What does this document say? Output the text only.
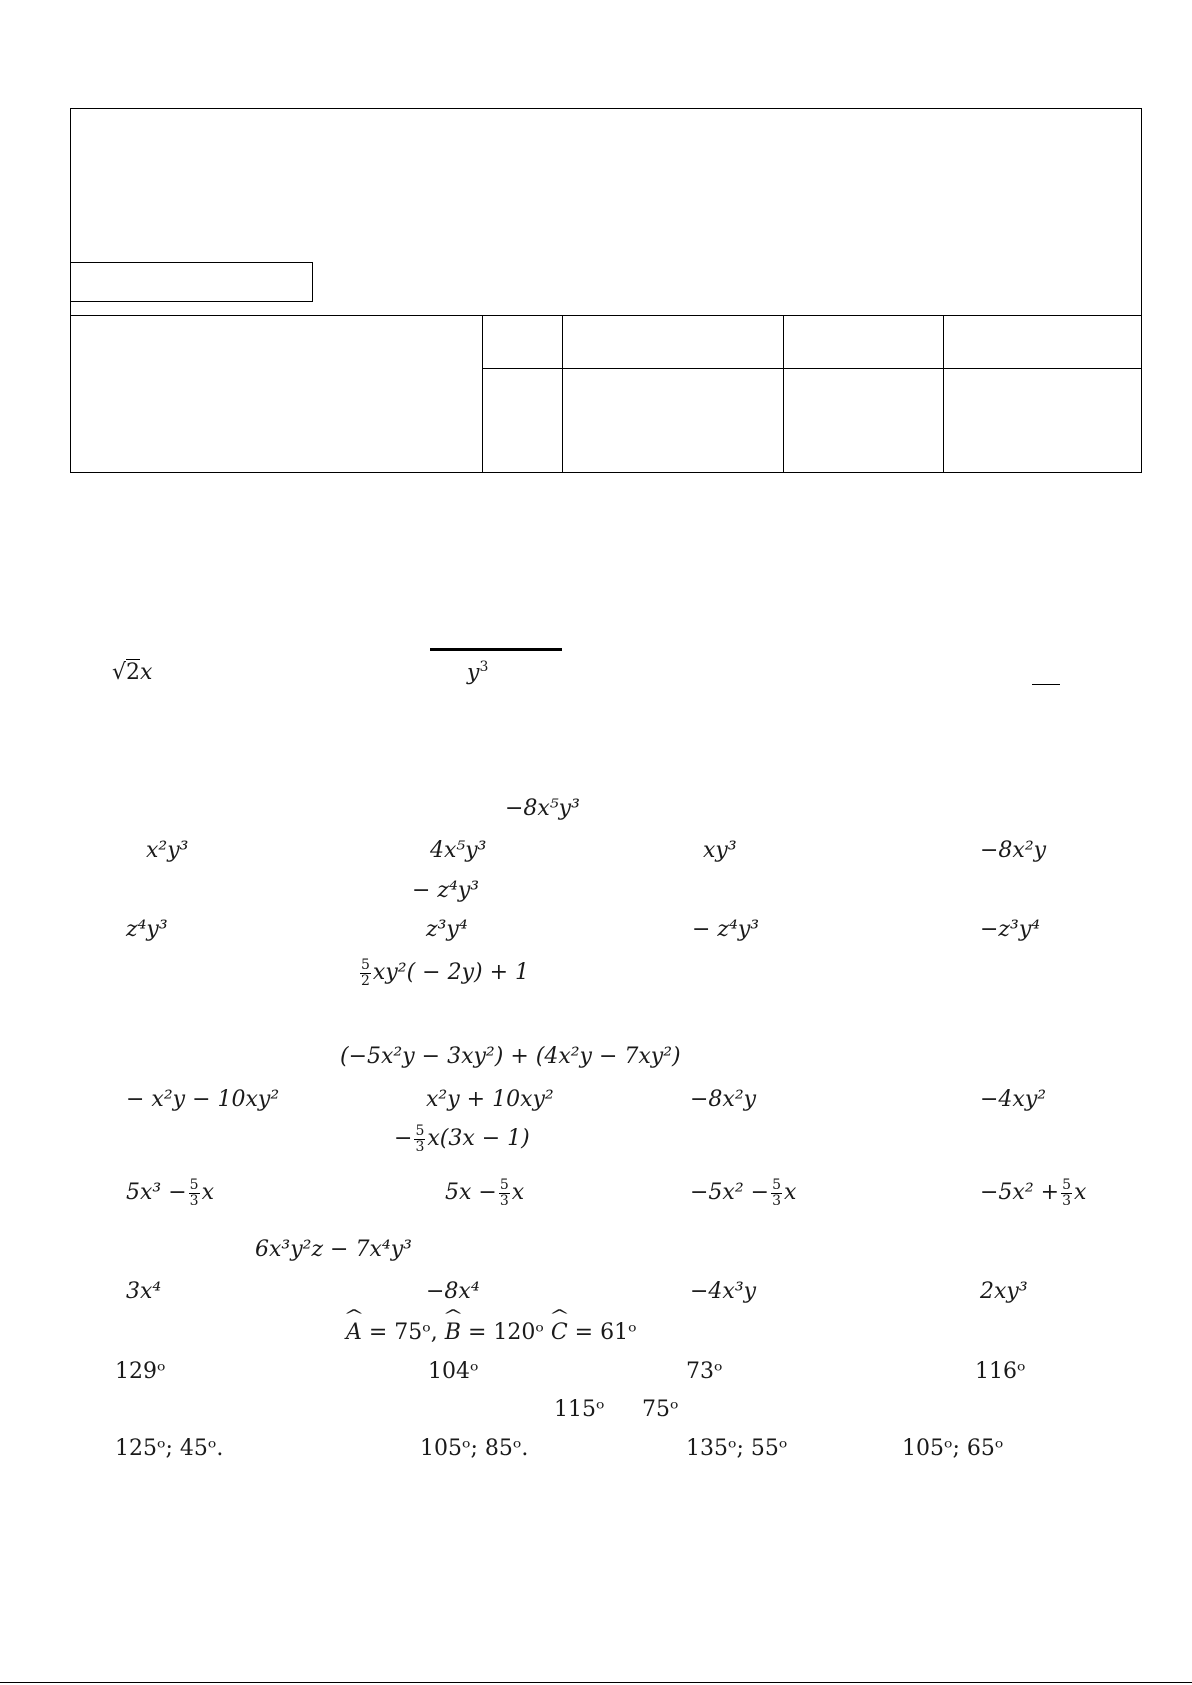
√2x	$y^3$
−8x⁵y³
x²y³	4x⁵y³	xy³	−8x²y
− z⁴y³
z⁴y³	z³y⁴	− z⁴y³	−z³y⁴
$\frac{5}{2} xy^2( - 2y) + 1$
(−5x²y − 3xy²) + (4x²y − 7xy²)
− x²y − 10xy²	x²y + 10xy²	−8x²y	−4xy²
− $\frac{5}{3} x(3x - 1)$
$5x^3 - \frac{5}{3}$ x	$5x - \frac{5}{3}$ x	$-5x^2 - \frac{5}{3}$ x	$-5x^2 + \frac{5}{3}$ x
6x³y²z − 7x⁴y³
3x⁴	−8x⁴	−4x³y	2xy³
^ A = 75ᵒ, ^ B = 120ᵒ ^ C = 61ᵒ
129ᵒ	104ᵒ	73ᵒ	116ᵒ
115ᵒ 75ᵒ
125ᵒ; 45ᵒ.	105ᵒ; 85ᵒ.	135ᵒ; 55ᵒ	105ᵒ; 65ᵒ
